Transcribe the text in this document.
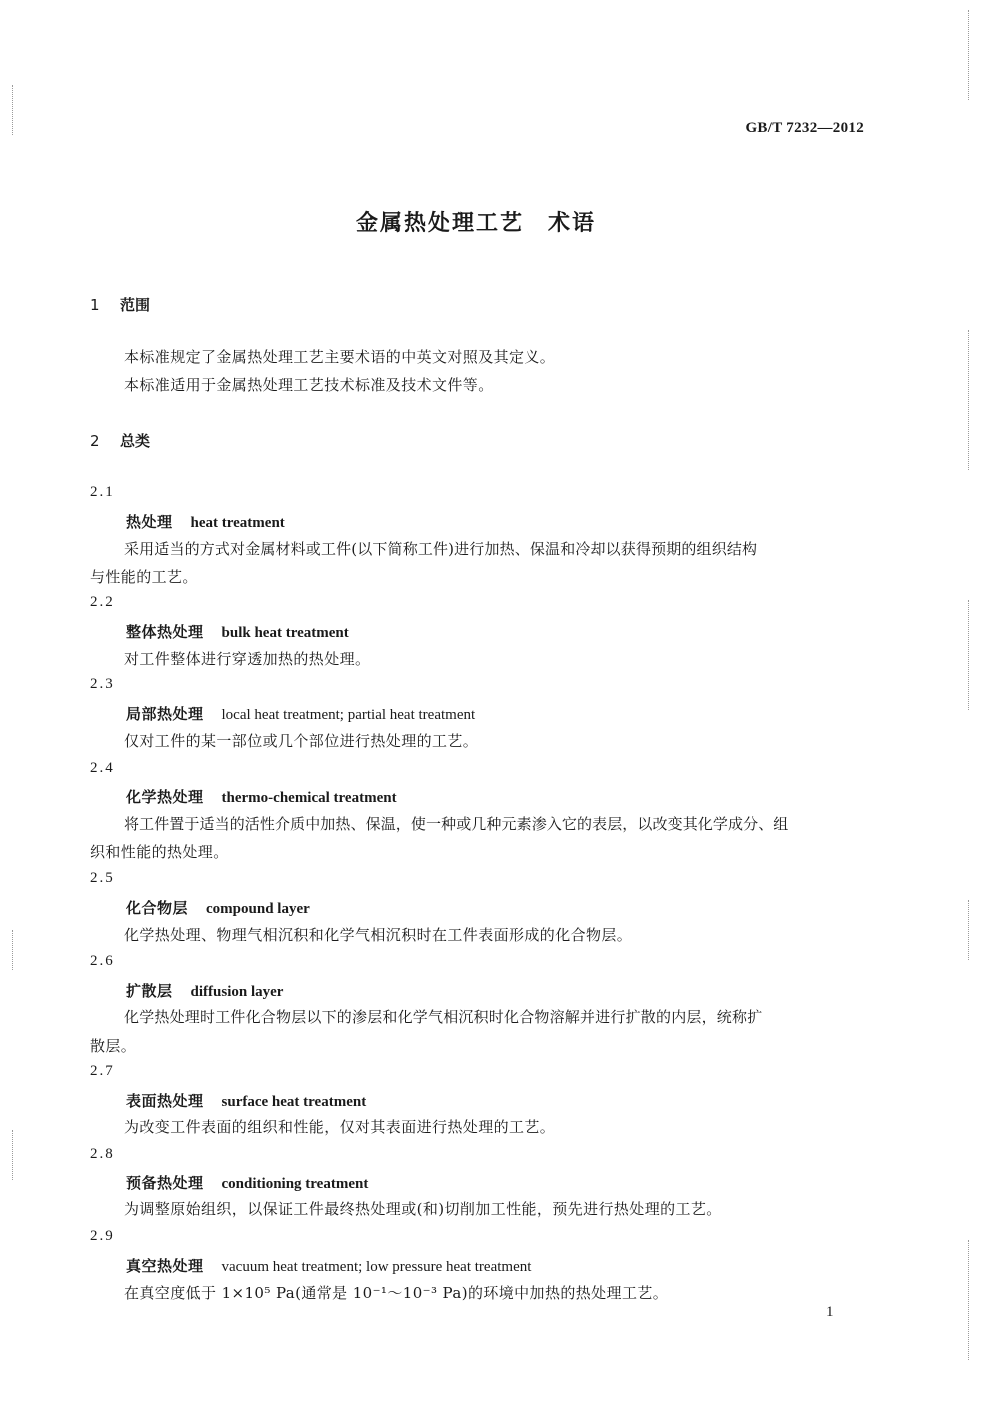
GB/T 7232—2012
金属热处理工艺　术语
1 范围
本标准规定了金属热处理工艺主要术语的中英文对照及其定义。
本标准适用于金属热处理工艺技术标准及技术文件等。
2 总类
2.1
热处理 heat treatment
采用适当的方式对金属材料或工件(以下简称工件)进行加热、保温和冷却以获得预期的组织结构
与性能的工艺。
2.2
整体热处理 bulk heat treatment
对工件整体进行穿透加热的热处理。
2.3
局部热处理 local heat treatment; partial heat treatment
仅对工件的某一部位或几个部位进行热处理的工艺。
2.4
化学热处理 thermo-chemical treatment
将工件置于适当的活性介质中加热、保温，使一种或几种元素渗入它的表层，以改变其化学成分、组
织和性能的热处理。
2.5
化合物层 compound layer
化学热处理、物理气相沉积和化学气相沉积时在工件表面形成的化合物层。
2.6
扩散层 diffusion layer
化学热处理时工件化合物层以下的渗层和化学气相沉积时化合物溶解并进行扩散的内层，统称扩
散层。
2.7
表面热处理 surface heat treatment
为改变工件表面的组织和性能，仅对其表面进行热处理的工艺。
2.8
预备热处理 conditioning treatment
为调整原始组织，以保证工件最终热处理或(和)切削加工性能，预先进行热处理的工艺。
2.9
真空热处理 vacuum heat treatment; low pressure heat treatment
在真空度低于 1×10⁵ Pa(通常是 10⁻¹～10⁻³ Pa)的环境中加热的热处理工艺。
1
